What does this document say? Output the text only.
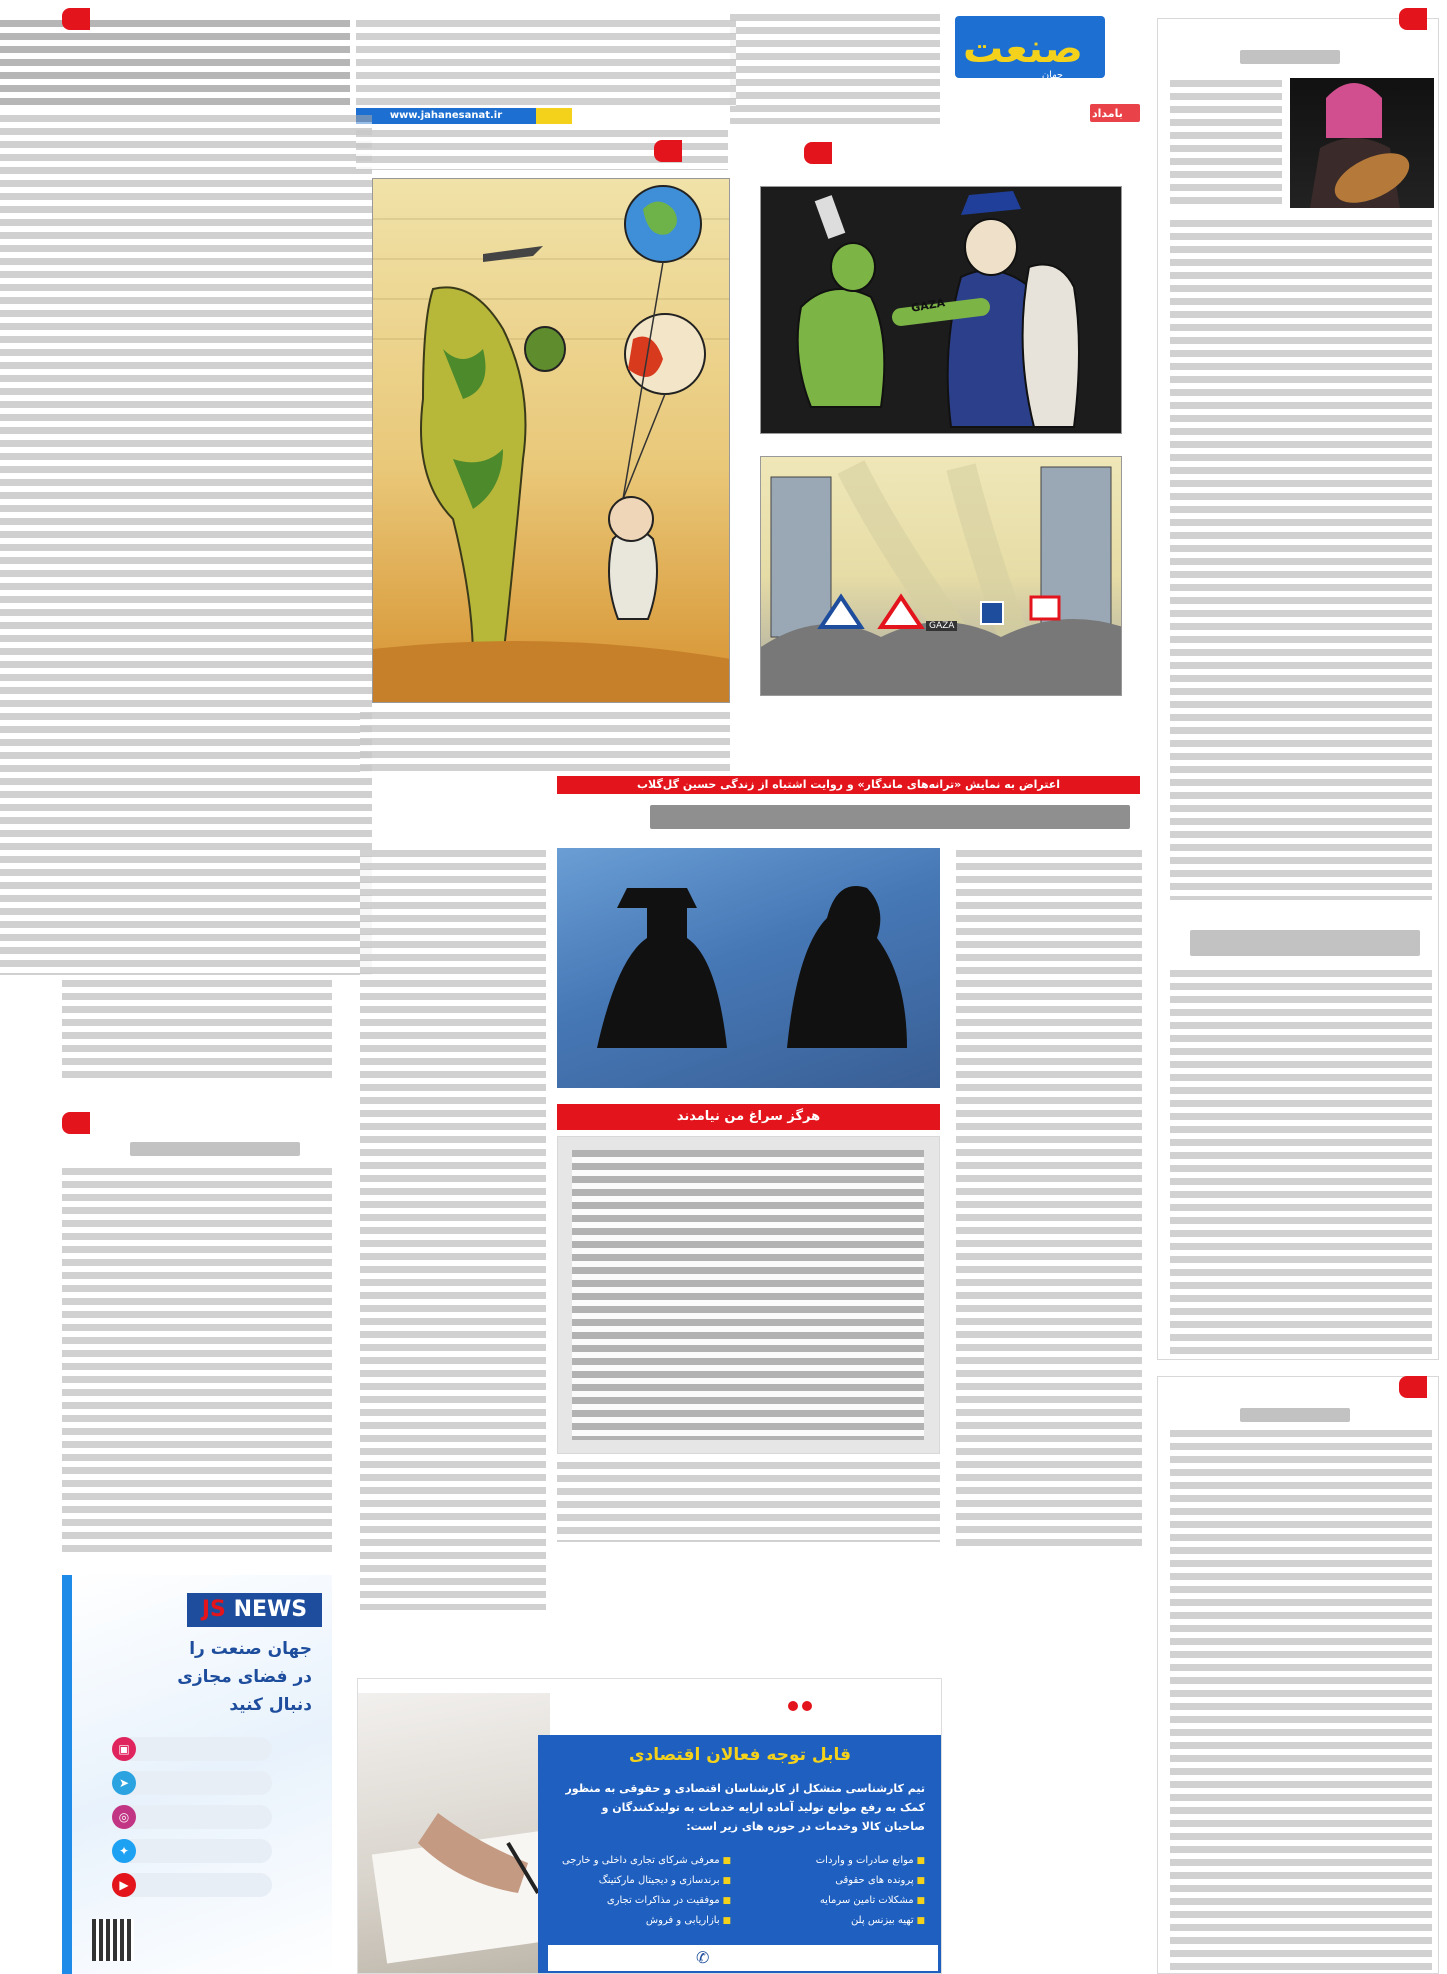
صنعت
جهان
بامداد
www.jahanesanat.ir
GAZA
GAZA
اعتراض به نمایش «ترانه‌های ماندگار» و روایت اشتباه از زندگی حسین گل‌گلاب
هرگز سراغ من نیامدند
JS NEWS
جهان صنعت را
در فضای مجازی
دنبال کنید
▣
➤
◎
✦
▶
قابل توجه فعالان اقتصادی
تیم کارشناسی متشکل از کارشناسان اقتصادی و حقوقی به منظور کمک به رفع موانع تولید آماده ارایه خدمات به تولیدکنندگان و صاحبان کالا وخدمات در حوزه های زیر است:
■ موانع صادرات و واردات
■ پرونده های حقوقی
■ مشکلات تامین سرمایه
■ تهیه بیزنس پلن
■ معرفی شرکای تجاری داخلی و خارجی
■ برندسازی و دیجیتال مارکتینگ
■ موفقیت در مذاکرات تجاری
■ بازاریابی و فروش
✆
